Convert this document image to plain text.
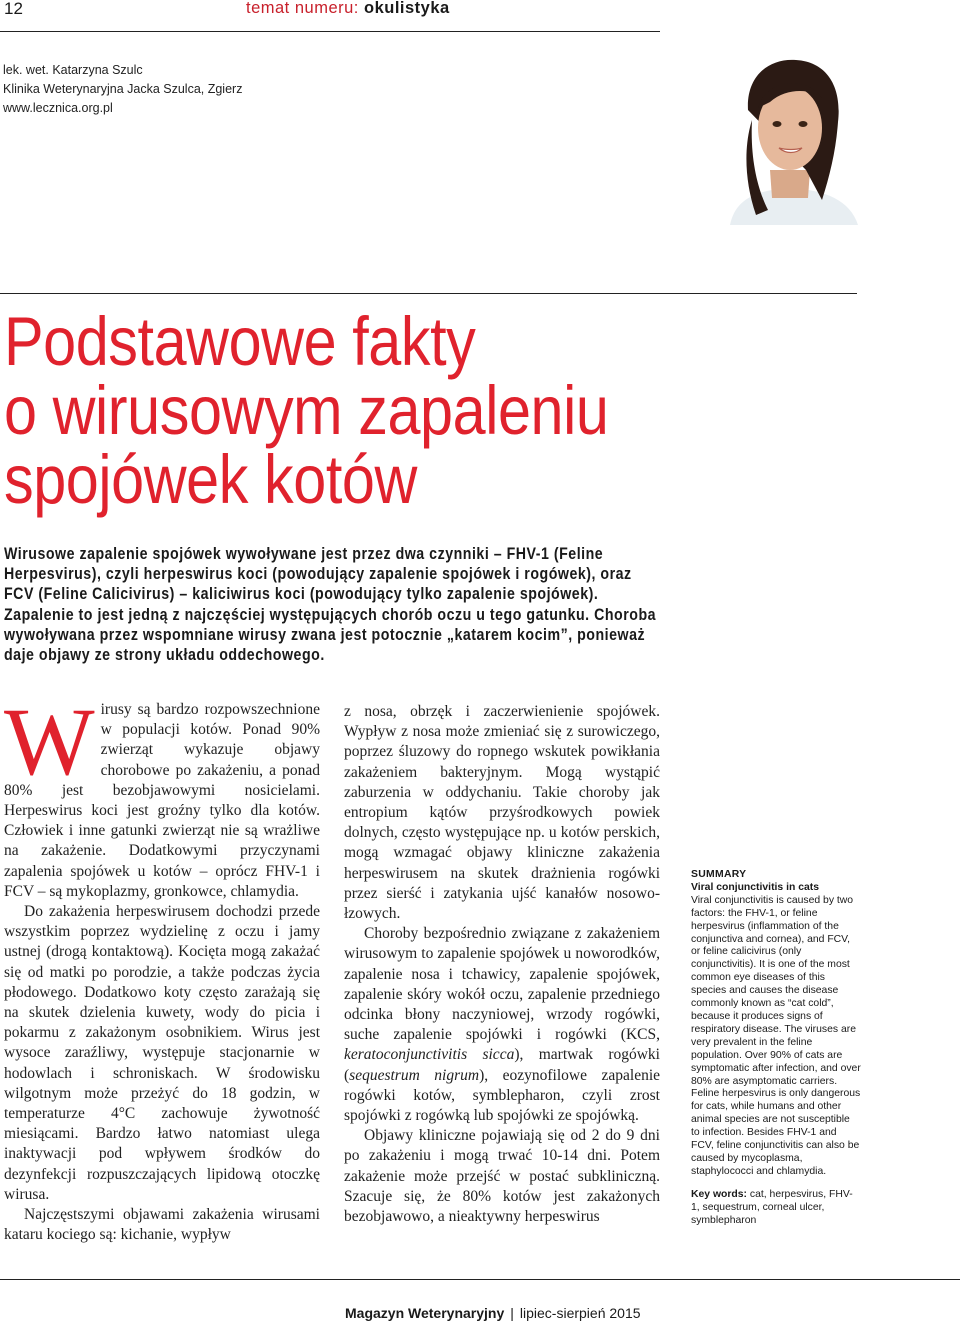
12	temat numeru: okulistyka
lek. wet. Katarzyna Szulc
Klinika Weterynaryjna Jacka Szulca, Zgierz
www.lecznica.org.pl
Podstawowe fakty
o wirusowym zapaleniu
spojówek kotów
Wirusowe zapalenie spojówek wywoływane jest przez dwa czynniki – FHV-1 (Feline Herpesvirus), czyli herpeswirus koci (powodujący zapalenie spojówek i rogówek), oraz FCV (Feline Calicivirus) – kaliciwirus koci (powodujący tylko zapalenie spojówek). Zapalenie to jest jedną z najczęściej występujących chorób oczu u tego gatunku. Choroba wywoływana przez wspomniane wirusy zwana jest potocznie „katarem kocim”, ponieważ daje objawy ze strony układu oddechowego.

Wirusy są bardzo rozpowszechnione w populacji kotów. Ponad 90% zwierząt wykazuje objawy chorobowe po zakażeniu, a ponad 80% jest bezobjawowymi nosicielami. Herpeswirus koci jest groźny tylko dla kotów. Człowiek i inne gatunki zwierząt nie są wrażliwe na zakażenie. Dodatkowymi przyczynami zapalenia spojówek u kotów – oprócz FHV-1 i FCV – są mykoplazmy, gronkowce, chlamydia.

Do zakażenia herpeswirusem dochodzi przede wszystkim poprzez wydzielinę z oczu i jamy ustnej (drogą kontaktową). Kocięta mogą zakażać się od matki po porodzie, a także podczas życia płodowego. Dodatkowo koty często zarażają się na skutek dzielenia kuwety, wody do picia i pokarmu z zakażonym osobnikiem. Wirus jest wysoce zaraźliwy, występuje stacjonarnie w hodowlach i schroniskach. W środowisku wilgotnym może przeżyć do 18 godzin, w temperaturze 4°C zachowuje żywotność miesiącami. Bardzo łatwo natomiast ulega inaktywacji pod wpływem środków do dezynfekcji rozpuszczających lipidową otoczkę wirusa.

Najczęstszymi objawami zakażenia wirusami kataru kociego są: kichanie, wypływ

z nosa, obrzęk i zaczerwienienie spojówek. Wypływ z nosa może zmieniać się z surowiczego, poprzez śluzowy do ropnego wskutek powikłania zakażeniem bakteryjnym. Mogą wystąpić zaburzenia w oddychaniu. Takie choroby jak entropium kątów przyśrodkowych powiek dolnych, często występujące np. u kotów perskich, mogą wzmagać objawy kliniczne zakażenia herpeswirusem na skutek drażnienia rogówki przez sierść i zatykania ujść kanałów nosowo-łzowych.

Choroby bezpośrednio związane z zakażeniem wirusowym to zapalenie spojówek u noworodków, zapalenie nosa i tchawicy, zapalenie spojówek, zapalenie skóry wokół oczu, zapalenie przedniego odcinka błony naczyniowej, wrzody rogówki, suche zapalenie spojówki i rogówki (KCS, keratoconjunctivitis sicca), martwak rogówki (sequestrum nigrum), eozynofilowe zapalenie rogówki kotów, symblepharon, czyli zrost spojówki z rogówką lub spojówki ze spojówką.

Objawy kliniczne pojawiają się od 2 do 9 dni po zakażeniu i mogą trwać 10-14 dni. Potem zakażenie może przejść w postać subkliniczną. Szacuje się, że 80% kotów jest zakażonych bezobjawowo, a nieaktywny herpeswirus

SUMMARY
Viral conjunctivitis in cats
Viral conjunctivitis is caused by two factors: the FHV-1, or feline herpesvirus (inflammation of the conjunctiva and cornea), and FCV, or feline calicivirus (only conjunctivitis). It is one of the most common eye diseases of this species and causes the disease commonly known as “cat cold”, because it produces signs of respiratory disease. The viruses are very prevalent in the feline population. Over 90% of cats are symptomatic after infection, and over 80% are asymptomatic carriers. Feline herpesvirus is only dangerous for cats, while humans and other animal species are not susceptible to infection. Besides FHV-1 and FCV, feline conjunctivitis can also be caused by mycoplasma, staphylococci and chlamydia.
Key words: cat, herpesvirus, FHV-1, sequestrum, corneal ulcer, symblepharon
Magazyn Weterynaryjny | lipiec-sierpień 2015
